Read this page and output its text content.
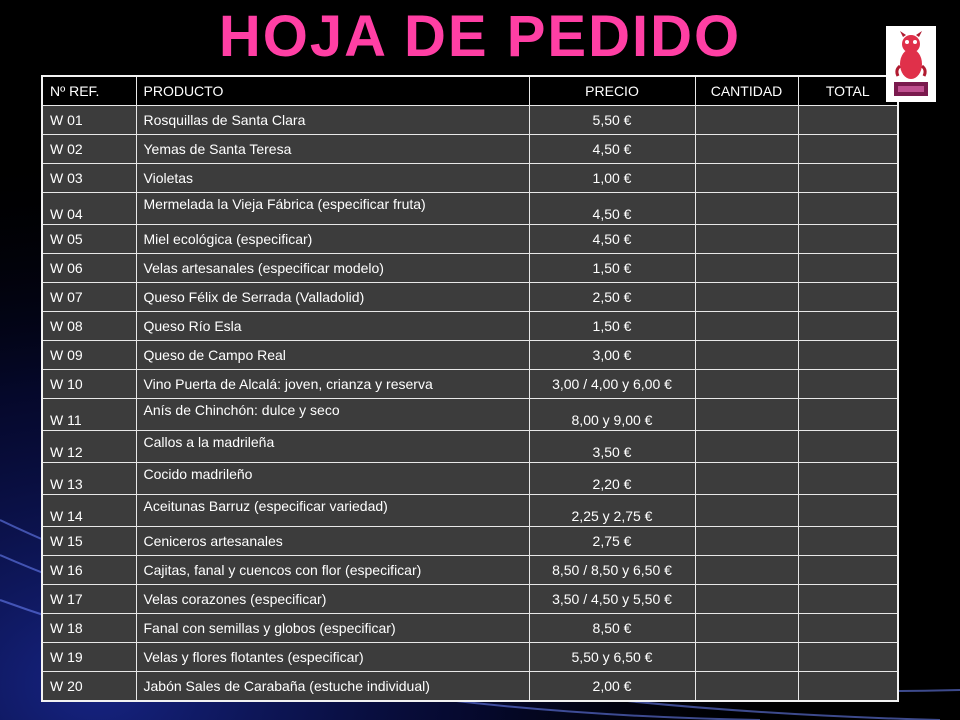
HOJA DE PEDIDO
Nº REF.	PRODUCTO	PRECIO	CANTIDAD	TOTAL
W 01	Rosquillas de Santa Clara	5,50 €		
W 02	Yemas de Santa Teresa	4,50 €		
W 03	Violetas	1,00 €		
W 04	Mermelada la Vieja Fábrica (especificar fruta)	4,50 €		
W 05	Miel ecológica (especificar)	4,50 €		
W 06	Velas artesanales (especificar modelo)	1,50 €		
W 07	Queso Félix de Serrada (Valladolid)	2,50 €		
W 08	Queso Río Esla	1,50 €		
W 09	Queso de Campo Real	3,00 €		
W 10	Vino Puerta de Alcalá: joven, crianza y reserva	3,00 / 4,00 y 6,00 €		
W 11	Anís de Chinchón: dulce y seco	8,00 y 9,00 €		
W 12	Callos a la madrileña	3,50 €		
W 13	Cocido madrileño	2,20 €		
W 14	Aceitunas Barruz (especificar variedad)	2,25 y 2,75 €		
W 15	Ceniceros artesanales	2,75 €		
W 16	Cajitas, fanal y cuencos con flor (especificar)	8,50 / 8,50 y 6,50 €		
W 17	Velas corazones (especificar)	3,50 / 4,50 y 5,50 €		
W 18	Fanal con semillas y globos (especificar)	8,50 €		
W 19	Velas y flores flotantes (especificar)	5,50 y 6,50 €		
W 20	Jabón Sales de Carabaña (estuche individual)	2,00 €		
